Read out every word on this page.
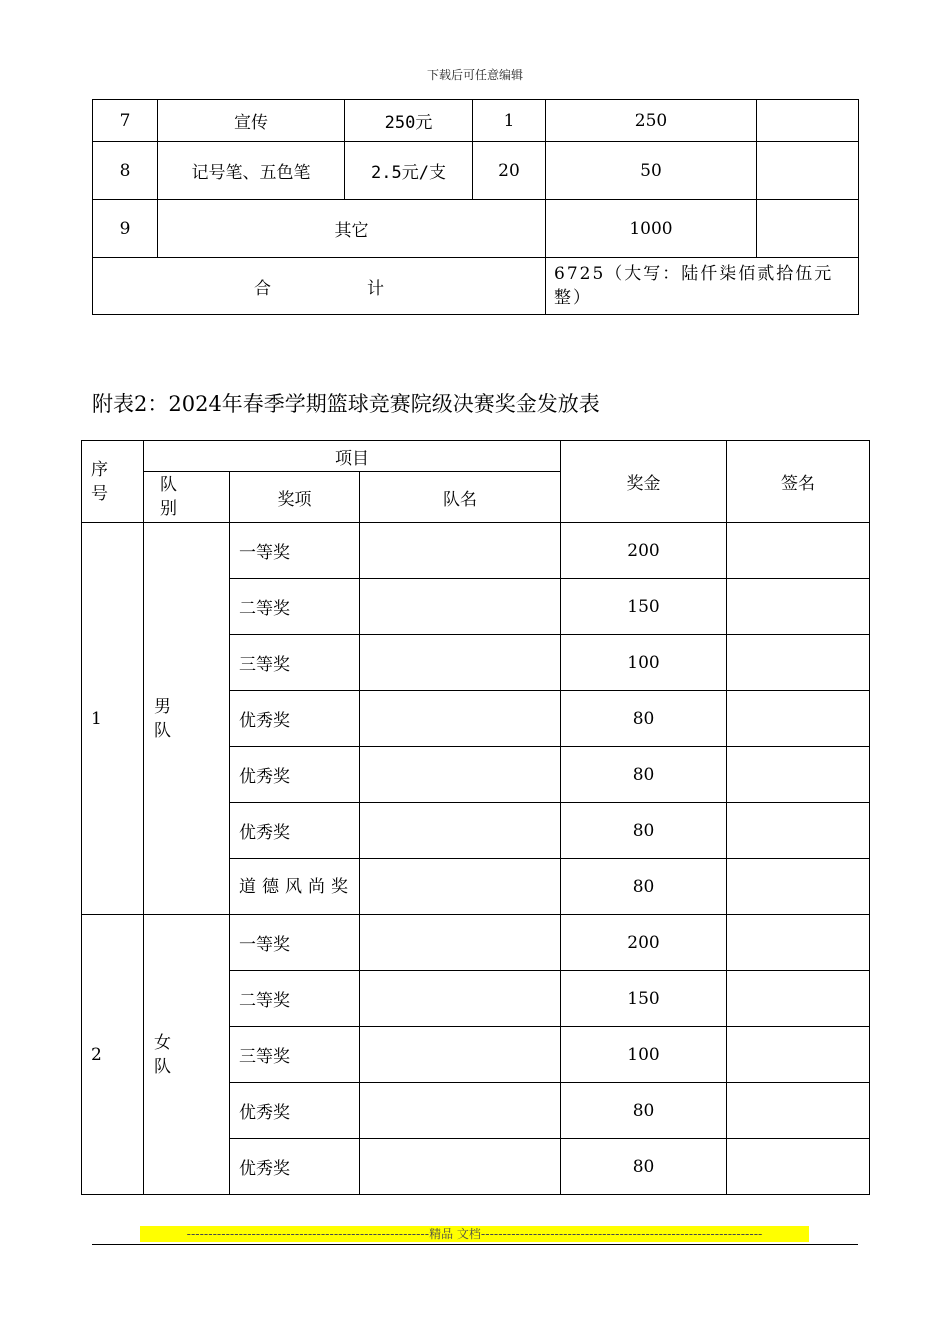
下载后可任意编辑
7	宣传	250元	1	250	
8	记号笔、五色笔	2.5元/支	20	50	
9	其它			1000	
合 计				6725（大写：陆仟柒佰贰拾伍元整）	
附表2：2024年春季学期篮球竞赛院级决赛奖金发放表
序号	项目			奖金	签名

	队别	奖项	队名		
1	男队	一等奖		200	
		二等奖		150	
		三等奖		100	
		优秀奖		80	
		优秀奖		80	
		优秀奖		80	
		道德风尚奖		80	
2	女队	一等奖		200	
		二等奖		150	
		三等奖		100	
		优秀奖		80	
		优秀奖		80	
--------------------------------------------------------精品 文档-----------------------------------------------------------------
